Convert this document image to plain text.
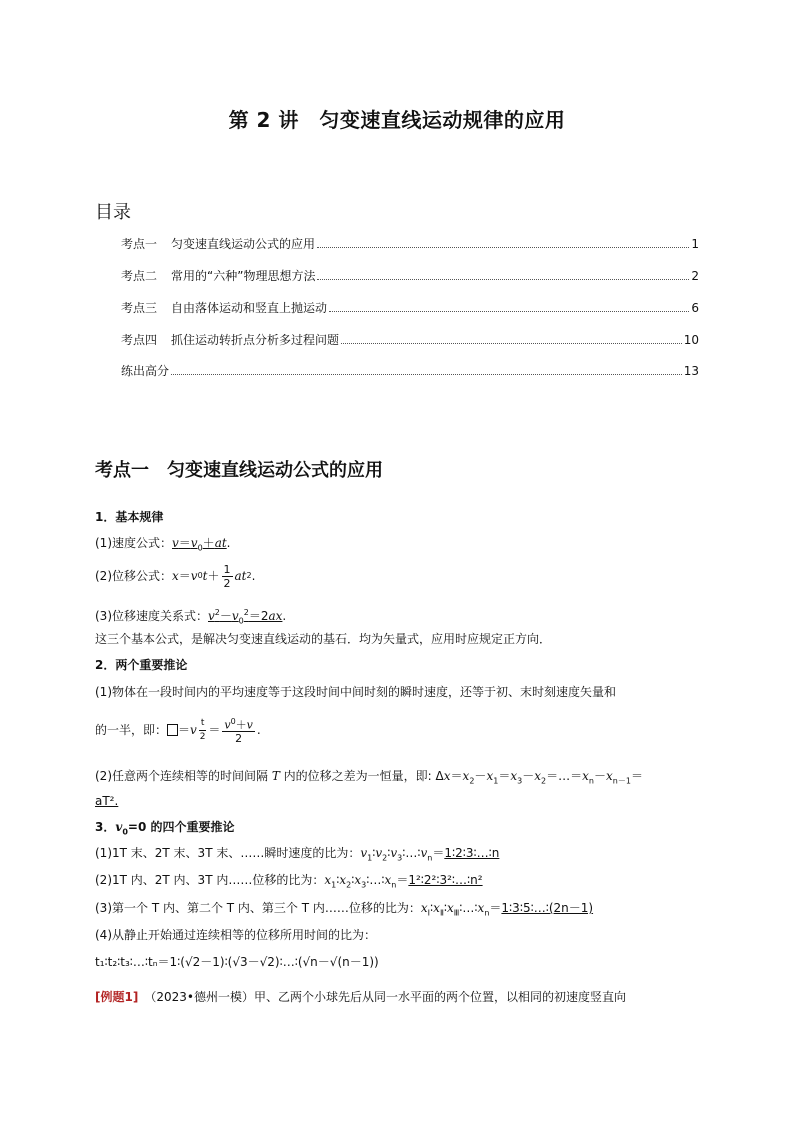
第 2 讲　匀变速直线运动规律的应用
目录
考点一 匀变速直线运动公式的应用	1
考点二 常用的“六种”物理思想方法	2
考点三 自由落体运动和竖直上抛运动	6
考点四 抓住运动转折点分析多过程问题	10
练出高分	13
考点一 匀变速直线运动公式的应用
1．基本规律
(1)速度公式：$v=v_0+at$.
(2)位移公式： x ＝ v 0 $t + \frac{1}{2}$ at 2 .
(3)位移速度关系式：$v^2-v_0^2=2ax$.
这三个基本公式，是解决匀变速直线运动的基石．均为矢量式，应用时应规定正方向．
2．两个重要推论
(1)物体在一段时间内的平均速度等于这段时间中间时刻的瞬时速度，还等于初、末时刻速度矢量和
的一半，即： ＝ v $\frac{t}{2} = \frac{v^0+v}{2}$ .
(2)任意两个连续相等的时间间隔 T 内的位移之差为一恒量，即: $\Delta x=x_2-x_1=x_3-x_2=\dots=x_n-x_{n-1}=$
aT².
3．$v_0=0$ 的四个重要推论
(1)1T 末、2T 末、3T 末、……瞬时速度的比为：$v_1∶v_2∶v_3∶\dots∶v_n=1∶2∶3∶\dots∶n$
(2)1T 内、2T 内、3T 内……位移的比为：$x_1∶x_2∶x_3∶\dots∶x_n=1^2∶2^2∶3^2∶\dots∶n^2$
(3)第一个 T 内、第二个 T 内、第三个 T 内……位移的比为：$x_Ⅰ∶x_Ⅱ∶x_Ⅲ∶\dots∶x_n=1∶3∶5∶\dots∶(2n-1)$
(4)从静止开始通过连续相等的位移所用时间的比为：
t₁∶t₂∶t₃∶…∶tₙ＝1∶(√2－1)∶(√3－√2)∶…∶(√n－√(n－1))
[例题1]　 （2023•德州一模）甲、乙两个小球先后从同一水平面的两个位置，以相同的初速度竖直向
